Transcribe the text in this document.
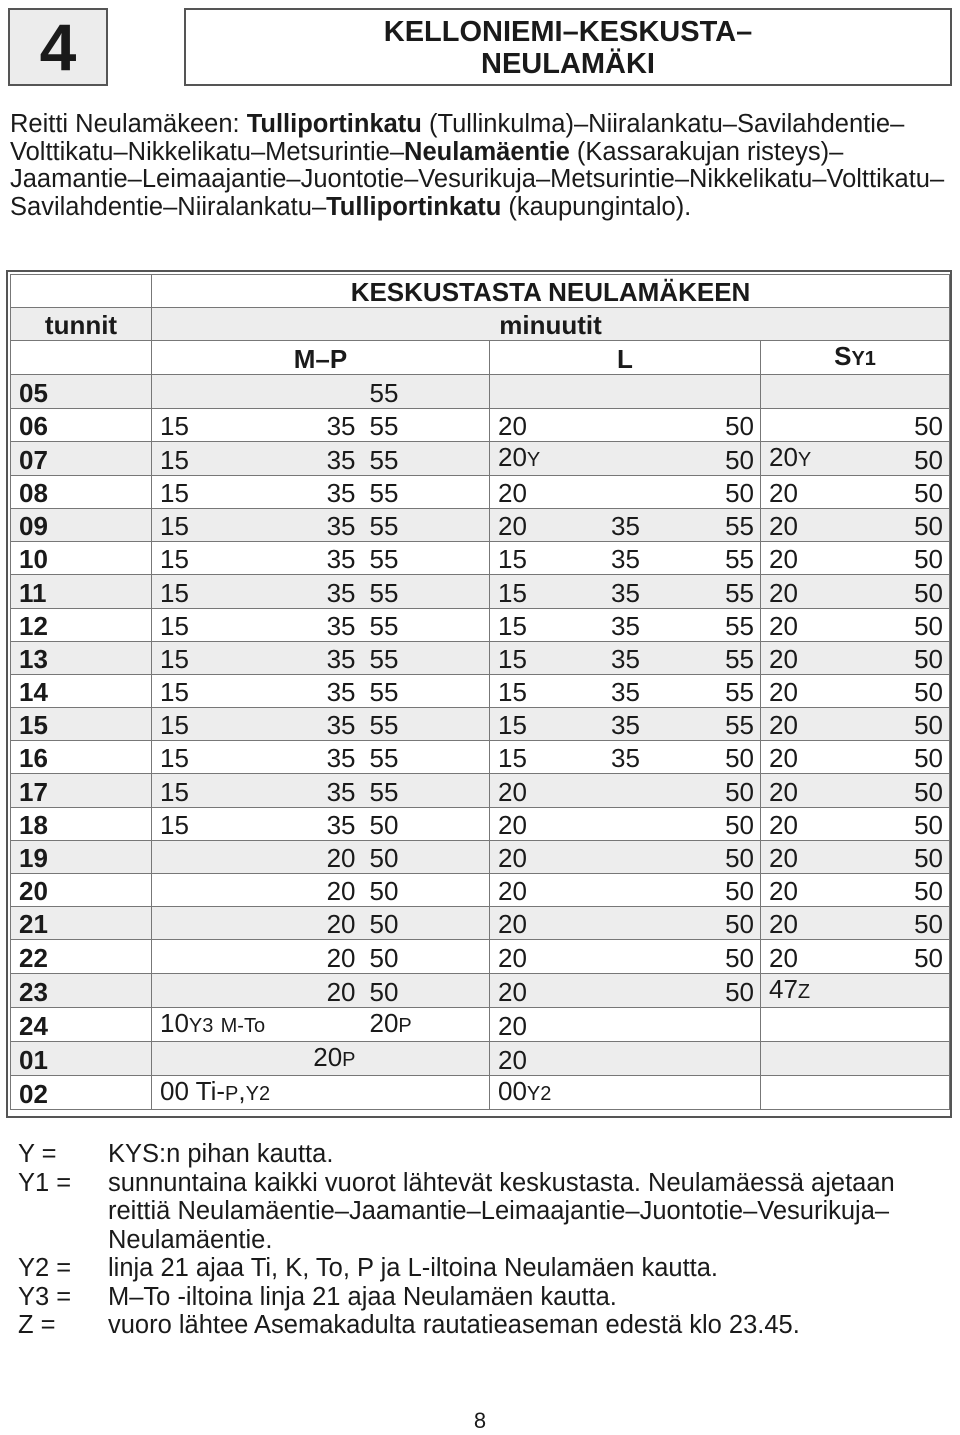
4	KELLONIEMI–KESKUSTA–
NEULAMÄKI
Reitti Neulamäkeen: Tulliportinkatu (Tullinkulma)–Niiralankatu–Savilahdentie–Volttikatu–Nikkelikatu–Metsurintie–Neulamäentie (Kassarakujan risteys)–Jaamantie–Leimaajantie–Juontotie–Vesurikuja–Metsurintie–Nikkelikatu–Volttikatu–Savilahdentie–Niiralankatu–Tulliportinkatu (kaupungintalo).
	KESKUSTASTA NEULAMÄKEEN							
tunnit	minuutit							
	M–P			L			SY1	
05			55					
06	15	35	55	20		50		50
07	15	35	55	20Y		50	20Y	50
08	15	35	55	20		50	20	50
09	15	35	55	20	35	55	20	50
10	15	35	55	15	35	55	20	50
11	15	35	55	15	35	55	20	50
12	15	35	55	15	35	55	20	50
13	15	35	55	15	35	55	20	50
14	15	35	55	15	35	55	20	50
15	15	35	55	15	35	55	20	50
16	15	35	55	15	35	50	20	50
17	15	35	55	20		50	20	50
18	15	35	50	20		50	20	50
19		20	50	20		50	20	50
20		20	50	20		50	20	50
21		20	50	20		50	20	50
22		20	50	20		50	20	50
23		20	50	20		50	47Z	
24	10Y3 M-To		20P	20				
01		20P		20				
02	00 Ti-P,Y2			00Y2				
Y =	KYS:n pihan kautta.
Y1 =	sunnuntaina kaikki vuorot lähtevät keskustasta. Neulamäessä ajetaan reittiä Neulamäentie–Jaamantie–Leimaajantie–Juontotie–Vesurikuja–Neulamäentie.
Y2 =	linja 21 ajaa Ti, K, To, P ja L-iltoina Neulamäen kautta.
Y3 =	M–To -iltoina linja 21 ajaa Neulamäen kautta.
Z =	vuoro lähtee Asemakadulta rautatieaseman edestä klo 23.45.
8
